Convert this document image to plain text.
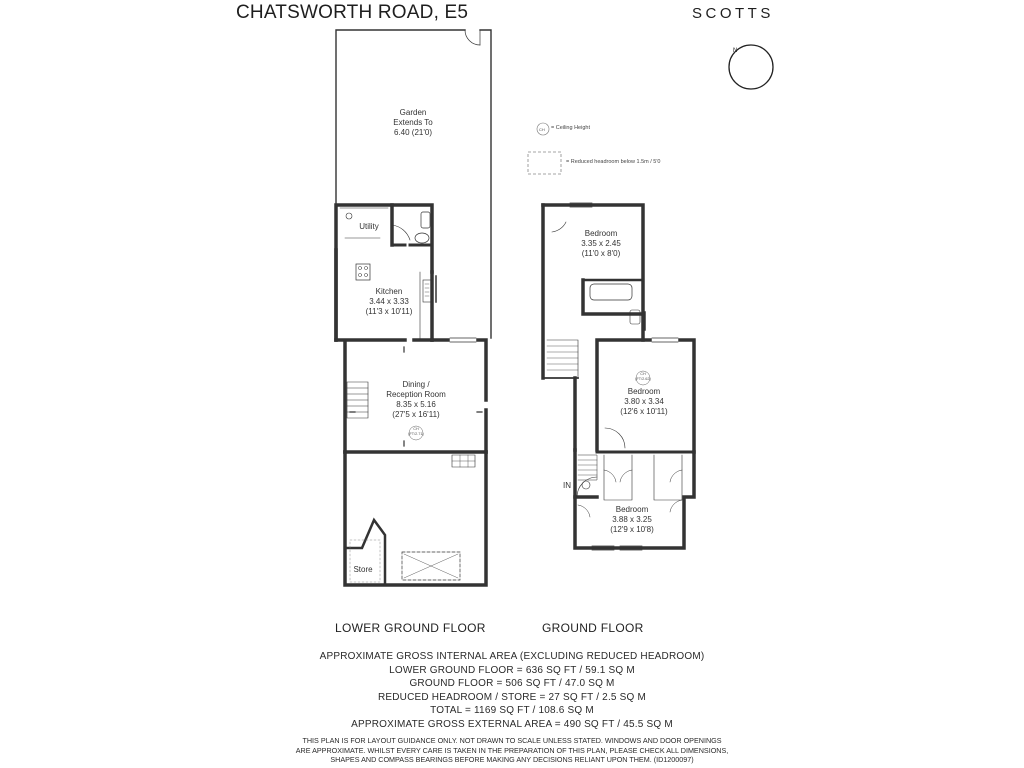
CHATSWORTH ROAD, E5	SCOTTS
N
CH = Ceiling Height
= Reduced headroom below 1.5m / 5'0
Garden
Extends To
6.40 (21'0)
Utility
Kitchen
3.44 x 3.33
(11'3 x 10'11)
Dining /
Reception Room
8.35 x 5.16
(27'5 x 16'11)
CH
(FT/2.71)
Store
Bedroom
3.35 x 2.45
(11'0 x 8'0)
CH
(FT/2.62)
Bedroom
3.80 x 3.34
(12'6 x 10'11)
IN
Bedroom
3.88 x 3.25
(12'9 x 10'8)
LOWER GROUND FLOOR	GROUND FLOOR
APPROXIMATE GROSS INTERNAL AREA (EXCLUDING REDUCED HEADROOM)
LOWER GROUND FLOOR = 636 SQ FT / 59.1 SQ M
GROUND FLOOR = 506 SQ FT / 47.0 SQ M
REDUCED HEADROOM / STORE = 27 SQ FT / 2.5 SQ M
TOTAL = 1169 SQ FT / 108.6 SQ M
APPROXIMATE GROSS EXTERNAL AREA = 490 SQ FT / 45.5 SQ M
THIS PLAN IS FOR LAYOUT GUIDANCE ONLY. NOT DRAWN TO SCALE UNLESS STATED. WINDOWS AND DOOR OPENINGS
ARE APPROXIMATE. WHILST EVERY CARE IS TAKEN IN THE PREPARATION OF THIS PLAN, PLEASE CHECK ALL DIMENSIONS,
SHAPES AND COMPASS BEARINGS BEFORE MAKING ANY DECISIONS RELIANT UPON THEM. (ID1200097)
